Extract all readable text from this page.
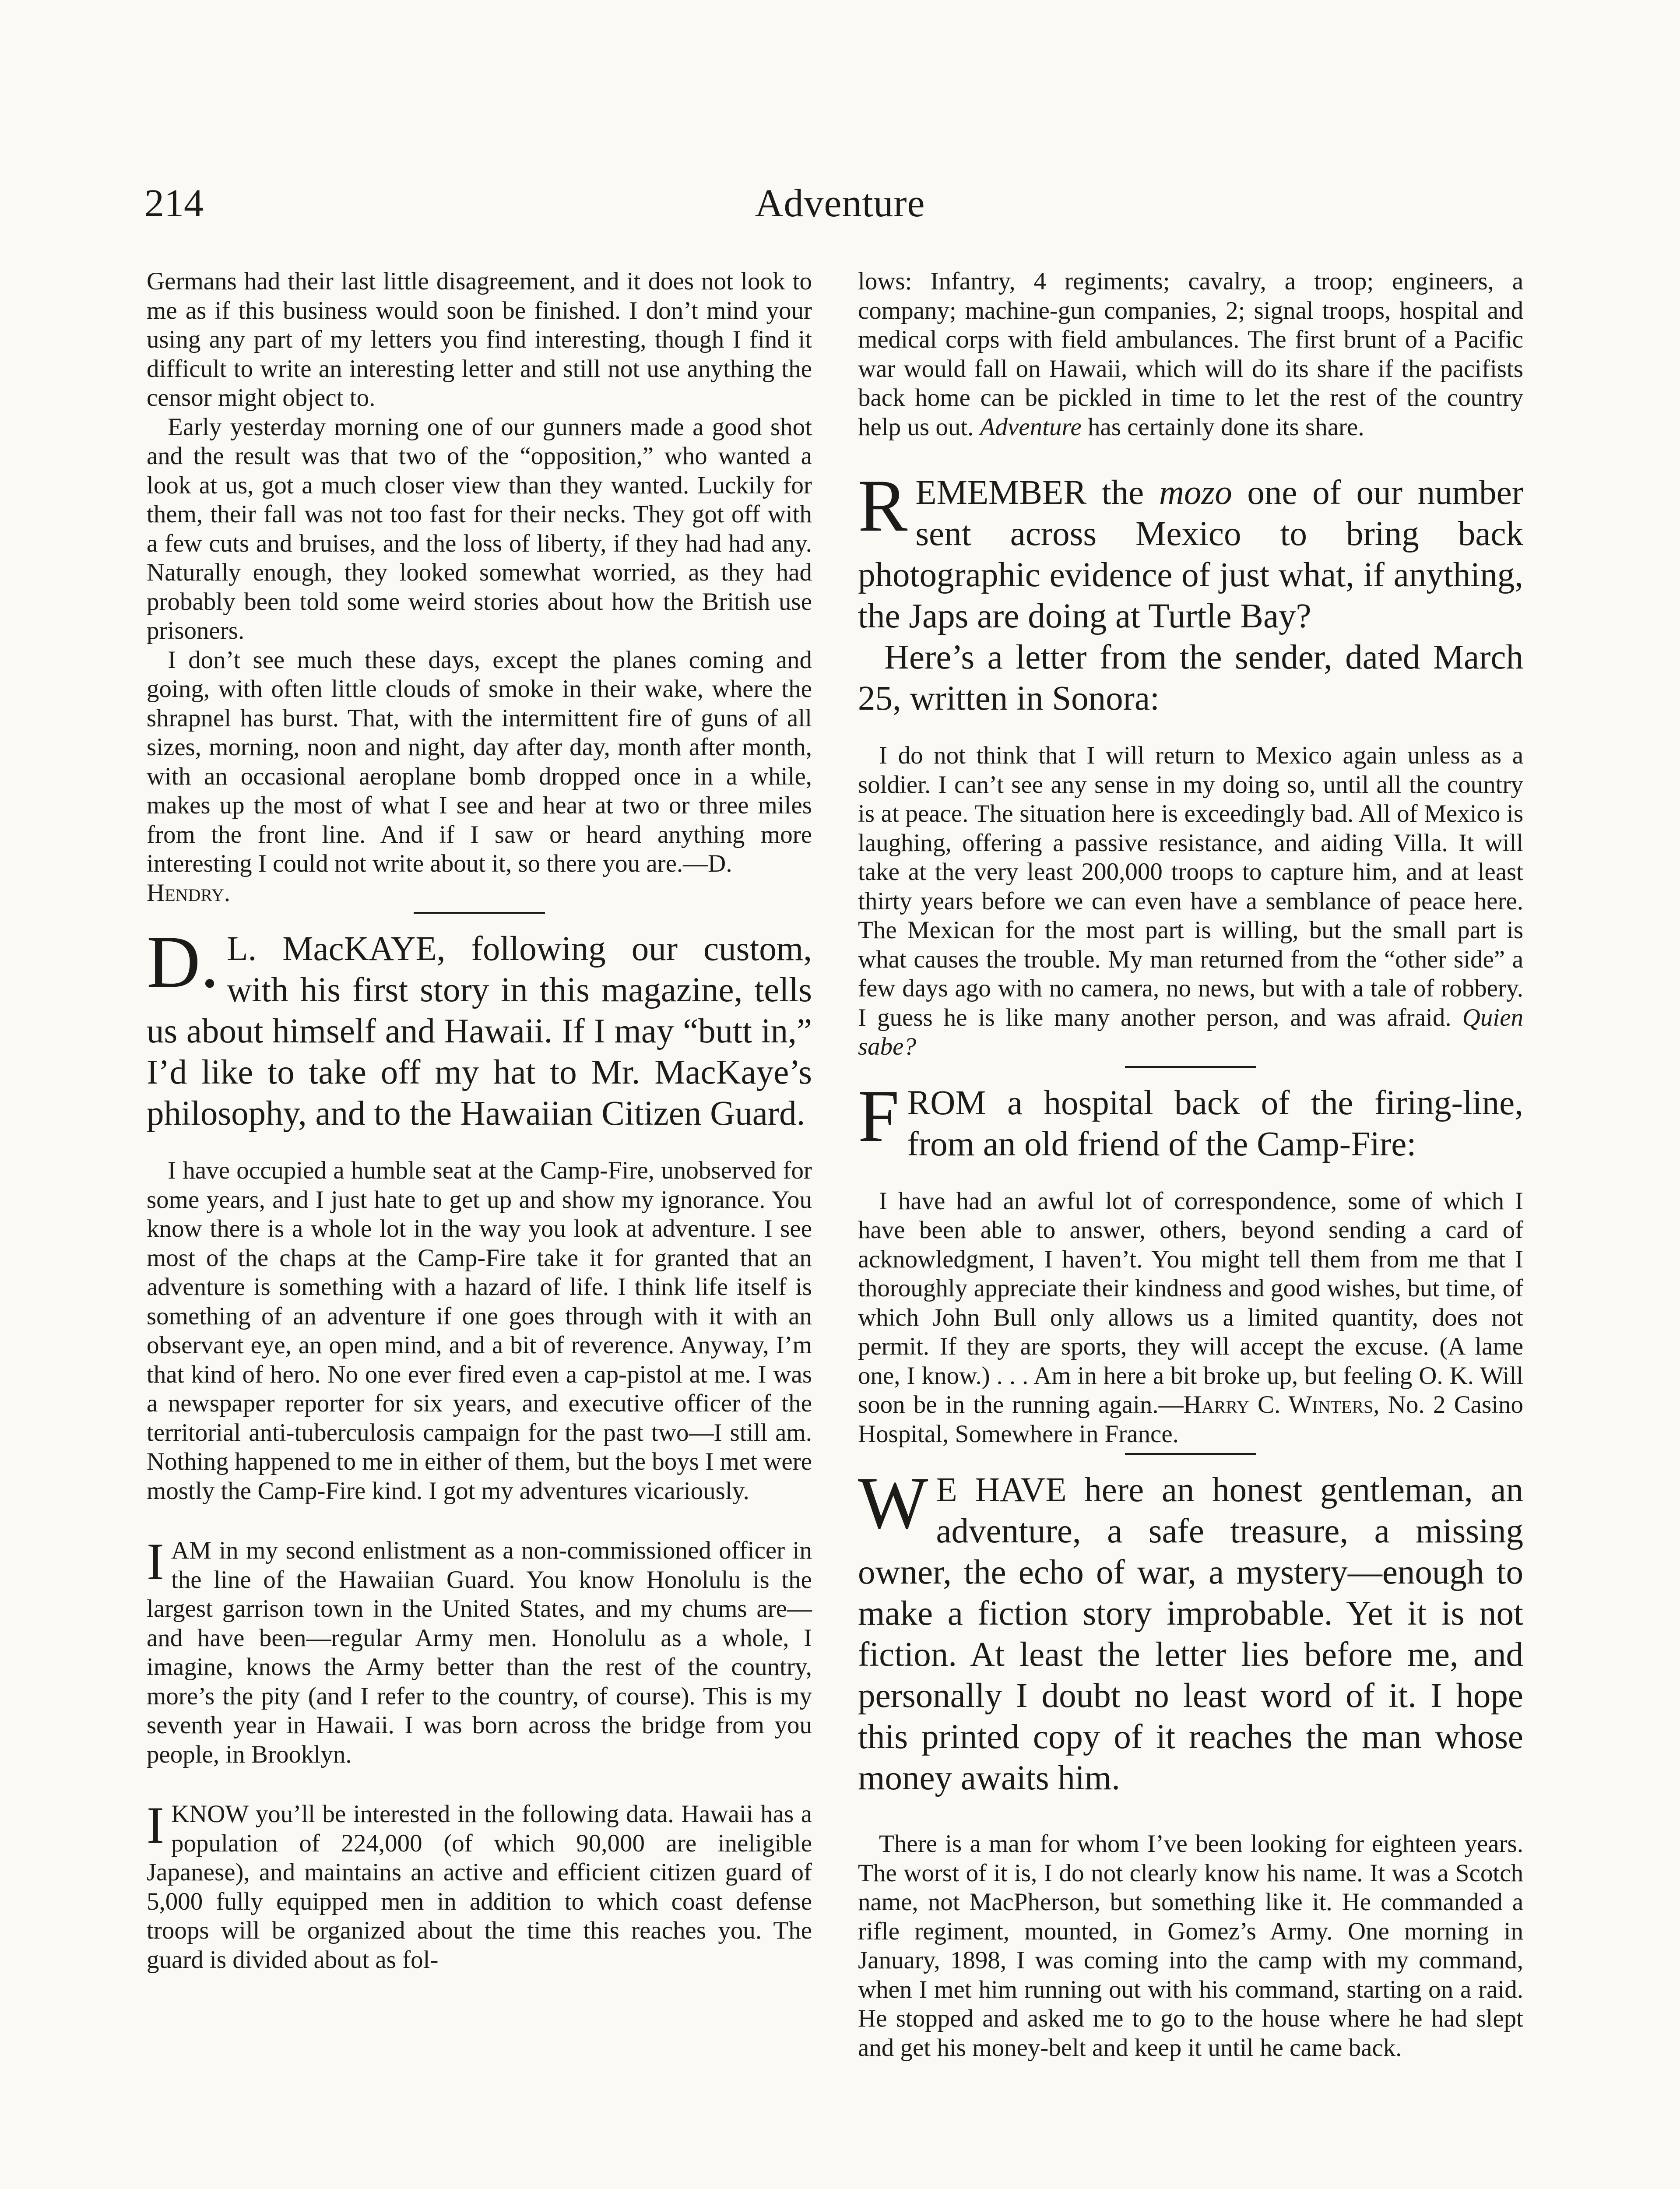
214	Adventure

Germans had their last little disagreement, and it does not look to me as if this business would soon be finished. I don’t mind your using any part of my letters you find interesting, though I find it difficult to write an interesting letter and still not use anything the censor might object to.

Early yesterday morning one of our gunners made a good shot and the result was that two of the “opposition,” who wanted a look at us, got a much closer view than they wanted. Luckily for them, their fall was not too fast for their necks. They got off with a few cuts and bruises, and the loss of liberty, if they had had any. Naturally enough, they looked somewhat worried, as they had probably been told some weird stories about how the British use prisoners.

I don’t see much these days, except the planes coming and going, with often little clouds of smoke in their wake, where the shrapnel has burst. That, with the intermittent fire of guns of all sizes, morning, noon and night, day after day, month after month, with an occasional aeroplane bomb dropped once in a while, makes up the most of what I see and hear at two or three miles from the front line. And if I saw or heard anything more interesting I could not write about it, so there you are.—D.
Hendry.

D. L. MacKAYE, following our custom, with his first story in this magazine, tells us about himself and Hawaii. If I may “butt in,” I’d like to take off my hat to Mr. MacKaye’s philosophy, and to the Hawaiian Citizen Guard.

I have occupied a humble seat at the Camp-Fire, unobserved for some years, and I just hate to get up and show my ignorance. You know there is a whole lot in the way you look at adventure. I see most of the chaps at the Camp-Fire take it for granted that an adventure is something with a hazard of life. I think life itself is something of an adventure if one goes through with it with an observant eye, an open mind, and a bit of reverence. Anyway, I’m that kind of hero. No one ever fired even a cap-pistol at me. I was a newspaper reporter for six years, and executive officer of the territorial anti-tuberculosis campaign for the past two—I still am. Nothing happened to me in either of them, but the boys I met were mostly the Camp-Fire kind. I got my adventures vicariously.

I AM in my second enlistment as a non-commissioned officer in the line of the Hawaiian Guard. You know Honolulu is the largest garrison town in the United States, and my chums are—and have been—regular Army men. Honolulu as a whole, I imagine, knows the Army better than the rest of the country, more’s the pity (and I refer to the country, of course). This is my seventh year in Hawaii. I was born across the bridge from you people, in Brooklyn.

I KNOW you’ll be interested in the following data. Hawaii has a population of 224,000 (of which 90,000 are ineligible Japanese), and maintains an active and efficient citizen guard of 5,000 fully equipped men in addition to which coast defense troops will be organized about the time this reaches you. The guard is divided about as fol-

lows: Infantry, 4 regiments; cavalry, a troop; engineers, a company; machine-gun companies, 2; signal troops, hospital and medical corps with field ambulances. The first brunt of a Pacific war would fall on Hawaii, which will do its share if the pacifists back home can be pickled in time to let the rest of the country help us out. Adventure has certainly done its share.

REMEMBER the mozo one of our number sent across Mexico to bring back photographic evidence of just what, if anything, the Japs are doing at Turtle Bay?
Here’s a letter from the sender, dated March 25, written in Sonora:

I do not think that I will return to Mexico again unless as a soldier. I can’t see any sense in my doing so, until all the country is at peace. The situation here is exceedingly bad. All of Mexico is laughing, offering a passive resistance, and aiding Villa. It will take at the very least 200,000 troops to capture him, and at least thirty years before we can even have a semblance of peace here. The Mexican for the most part is willing, but the small part is what causes the trouble. My man returned from the “other side” a few days ago with no camera, no news, but with a tale of robbery. I guess he is like many another person, and was afraid. Quien sabe?

FROM a hospital back of the firing-line, from an old friend of the Camp-Fire:

I have had an awful lot of correspondence, some of which I have been able to answer, others, beyond sending a card of acknowledgment, I haven’t. You might tell them from me that I thoroughly appreciate their kindness and good wishes, but time, of which John Bull only allows us a limited quantity, does not permit. If they are sports, they will accept the excuse. (A lame one, I know.) . . . Am in here a bit broke up, but feeling O. K. Will soon be in the running again.—Harry C. Winters, No. 2 Casino Hospital, Somewhere in France.

W E HAVE here an honest gentleman, an adventure, a safe treasure, a missing owner, the echo of war, a mystery—enough to make a fiction story improbable. Yet it is not fiction. At least the letter lies before me, and personally I doubt no least word of it. I hope this printed copy of it reaches the man whose money awaits him.

There is a man for whom I’ve been looking for eighteen years. The worst of it is, I do not clearly know his name. It was a Scotch name, not MacPherson, but something like it. He commanded a rifle regiment, mounted, in Gomez’s Army. One morning in January, 1898, I was coming into the camp with my command, when I met him running out with his command, starting on a raid. He stopped and asked me to go to the house where he had slept and get his money-belt and keep it until he came back.
